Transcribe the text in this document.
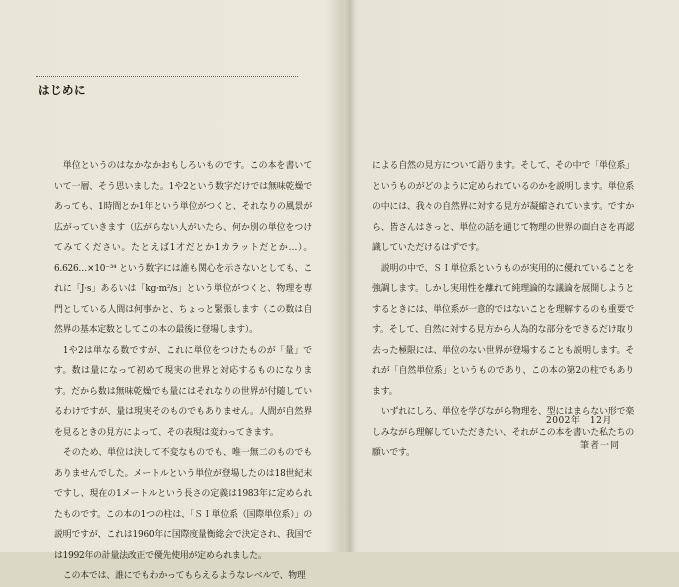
はじめに

単位というのはなかなかおもしろいものです。この本を書いていて一層、そう思いました。1や2という数字だけでは無味乾燥であっても、1時間とか1年という単位がつくと、それなりの風景が広がっていきます（広がらない人がいたら、何か別の単位をつけてみてください。たとえば1才だとか1カラットだとか…）。6.626…×10⁻³⁴ という数字には誰も関心を示さないとしても、これに「J·s」あるいは「kg·m²/s」という単位がつくと、物理を専門としている人間は何事かと、ちょっと緊張します（この数は自然界の基本定数としてこの本の最後に登場します）。

1や2は単なる数ですが、これに単位をつけたものが「量」です。数は量になって初めて現実の世界と対応するものになります。だから数は無味乾燥でも量にはそれなりの世界が付随しているわけですが、量は現実そのものでもありません。人間が自然界を見るときの見方によって、その表現は変わってきます。

そのため、単位は決して不変なものでも、唯一無二のものでもありませんでした。メートルという単位が登場したのは18世紀末ですし、現在の1メートルという長さの定義は1983年に定められたものです。この本の1つの柱は、「ＳＩ単位系（国際単位系）」の説明ですが、これは1960年に国際度量衡総会で決定され、我国では1992年の計量法改正で優先使用が定められました。

この本では、誰にでもわかってもらえるようなレベルで、物理

による自然の見方について語ります。そして、その中で「単位系」というものがどのように定められているのかを説明します。単位系の中には、我々の自然界に対する見方が凝縮されています。ですから、皆さんはきっと、単位の話を通じて物理の世界の面白さを再認識していただけるはずです。

説明の中で、ＳＩ単位系というものが実用的に優れていることを強調します。しかし実用性を離れて純理論的な議論を展開しようとするときには、単位系が一意的ではないことを理解するのも重要です。そして、自然に対する見方から人為的な部分をできるだけ取り去った極限には、単位のない世界が登場することも説明します。それが「自然単位系」というものであり、この本の第2の柱でもあります。

いずれにしろ、単位を学びながら物理を、型にはまらない形で楽しみながら理解していただきたい、それがこの本を書いた私たちの願いです。

2002年　12月
筆者一同
